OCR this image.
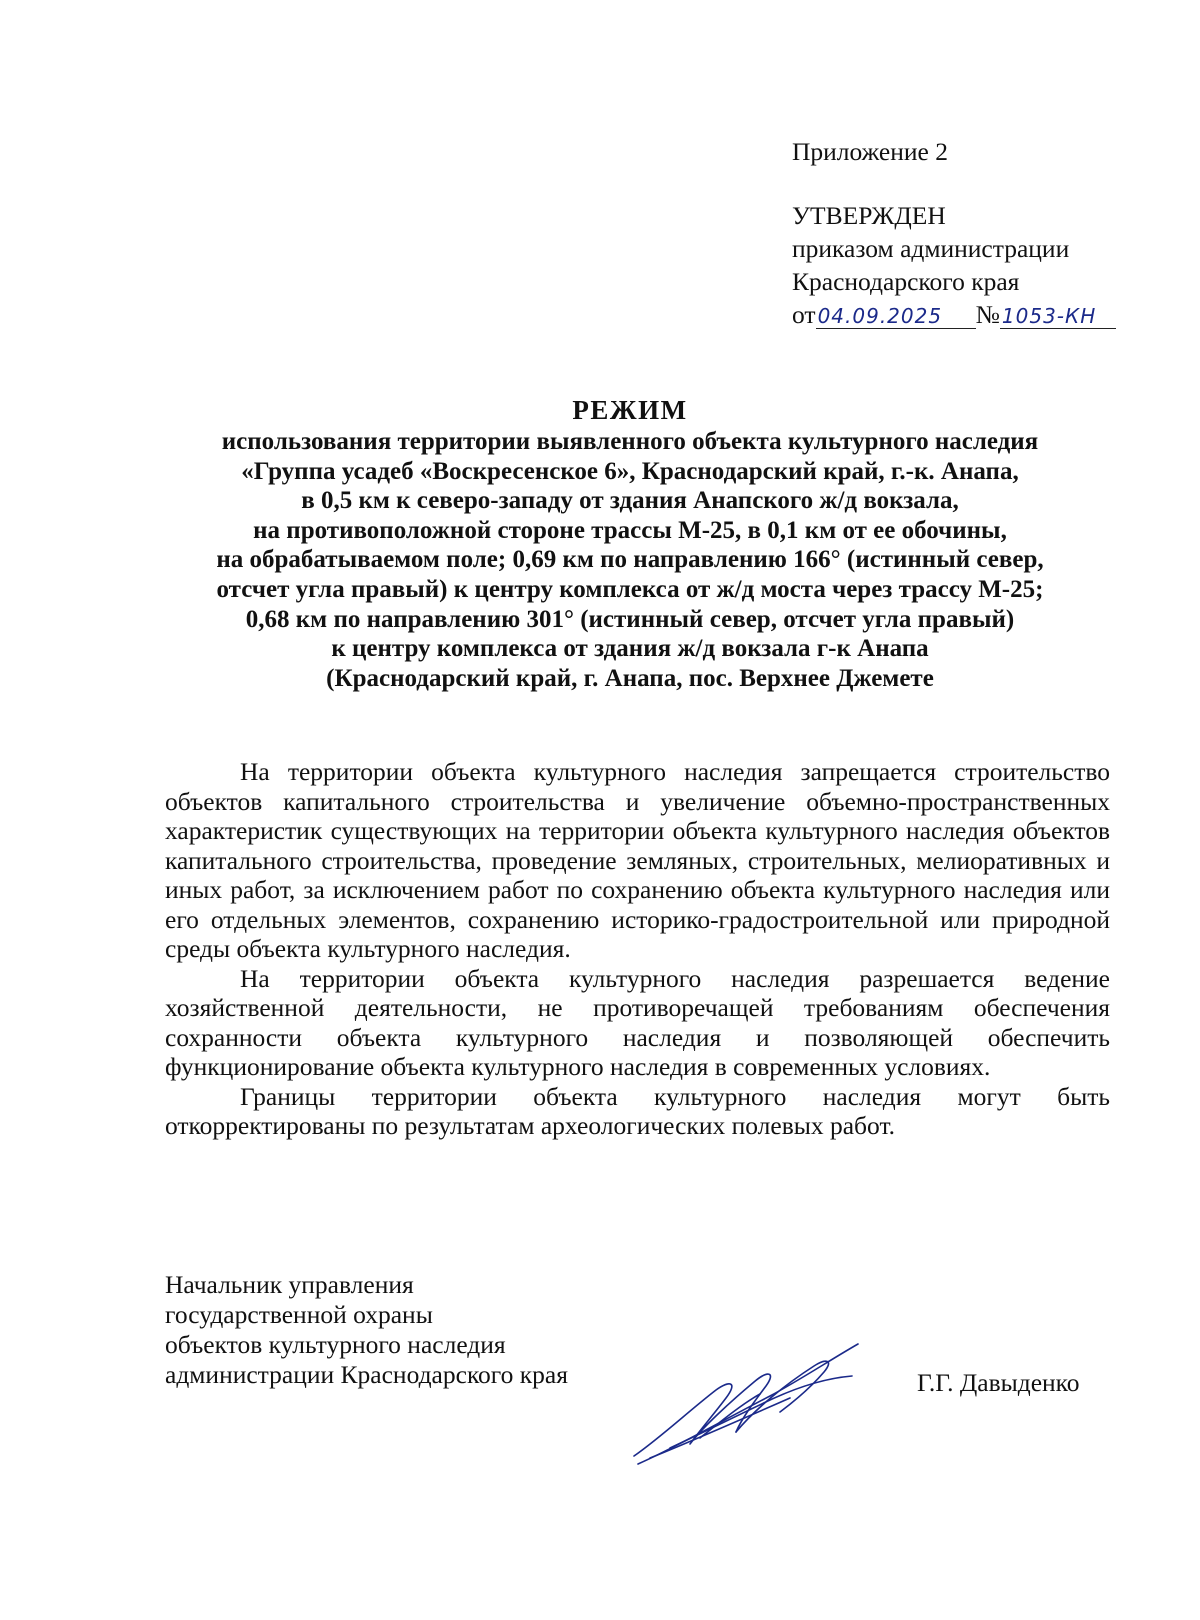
Приложение 2
УТВЕРЖДЕН
приказом администрации
Краснодарского края
от 04.09.2025 № 1053-КН
РЕЖИМ
использования территории выявленного объекта культурного наследия
«Группа усадеб «Воскресенское 6», Краснодарский край, г.-к. Анапа,
в 0,5 км к северо-западу от здания Анапского ж/д вокзала,
на противоположной стороне трассы М-25, в 0,1 км от ее обочины,
на обрабатываемом поле; 0,69 км по направлению 166° (истинный север,
отсчет угла правый) к центру комплекса от ж/д моста через трассу М-25;
0,68 км по направлению 301° (истинный север, отсчет угла правый)
к центру комплекса от здания ж/д вокзала г-к Анапа
(Краснодарский край, г. Анапа, пос. Верхнее Джемете

На территории объекта культурного наследия запрещается строительство объектов капитального строительства и увеличение объемно-пространственных характеристик существующих на территории объекта культурного наследия объектов капитального строительства, проведение земляных, строительных, мелиоративных и иных работ, за исключением работ по сохранению объекта культурного наследия или его отдельных элементов, сохранению историко-градостроительной или природной среды объекта культурного наследия.

На территории объекта культурного наследия разрешается ведение хозяйственной деятельности, не противоречащей требованиям обеспечения сохранности объекта культурного наследия и позволяющей обеспечить функционирование объекта культурного наследия в современных условиях.

Границы территории объекта культурного наследия могут быть откорректированы по результатам археологических полевых работ.

Начальник управления
государственной охраны
объектов культурного наследия
администрации Краснодарского края	Г.Г. Давыденко
